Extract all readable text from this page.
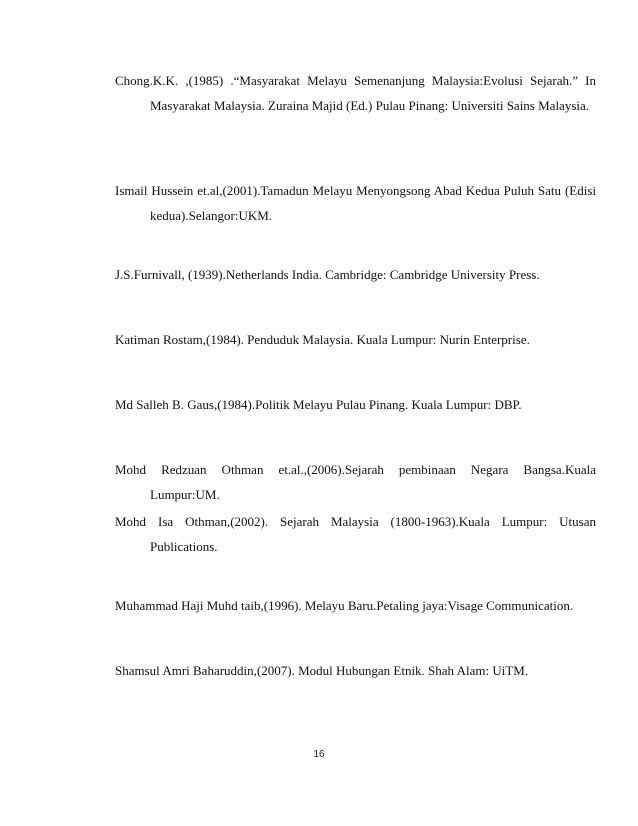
Chong.K.K. ,(1985) .“Masyarakat Melayu Semenanjung Malaysia:Evolusi Sejarah.” In Masyarakat Malaysia. Zuraina Majid (Ed.) Pulau Pinang: Universiti Sains Malaysia.
Ismail Hussein et.al,(2001).Tamadun Melayu Menyongsong Abad Kedua Puluh Satu (Edisi kedua).Selangor:UKM.
J.S.Furnivall, (1939).Netherlands India. Cambridge: Cambridge University Press.
Katiman Rostam,(1984). Penduduk Malaysia. Kuala Lumpur: Nurin Enterprise.
Md Salleh B. Gaus,(1984).Politik Melayu Pulau Pinang. Kuala Lumpur: DBP.
Mohd Redzuan Othman et.al.,(2006).Sejarah pembinaan Negara Bangsa.Kuala Lumpur:UM.
Mohd Isa Othman,(2002). Sejarah Malaysia (1800-1963).Kuala Lumpur: Utusan Publications.
Muhammad Haji Muhd taib,(1996). Melayu Baru.Petaling jaya:Visage Communication.
Shamsul Amri Baharuddin,(2007). Modul Hubungan Etnik. Shah Alam: UiTM.
16
